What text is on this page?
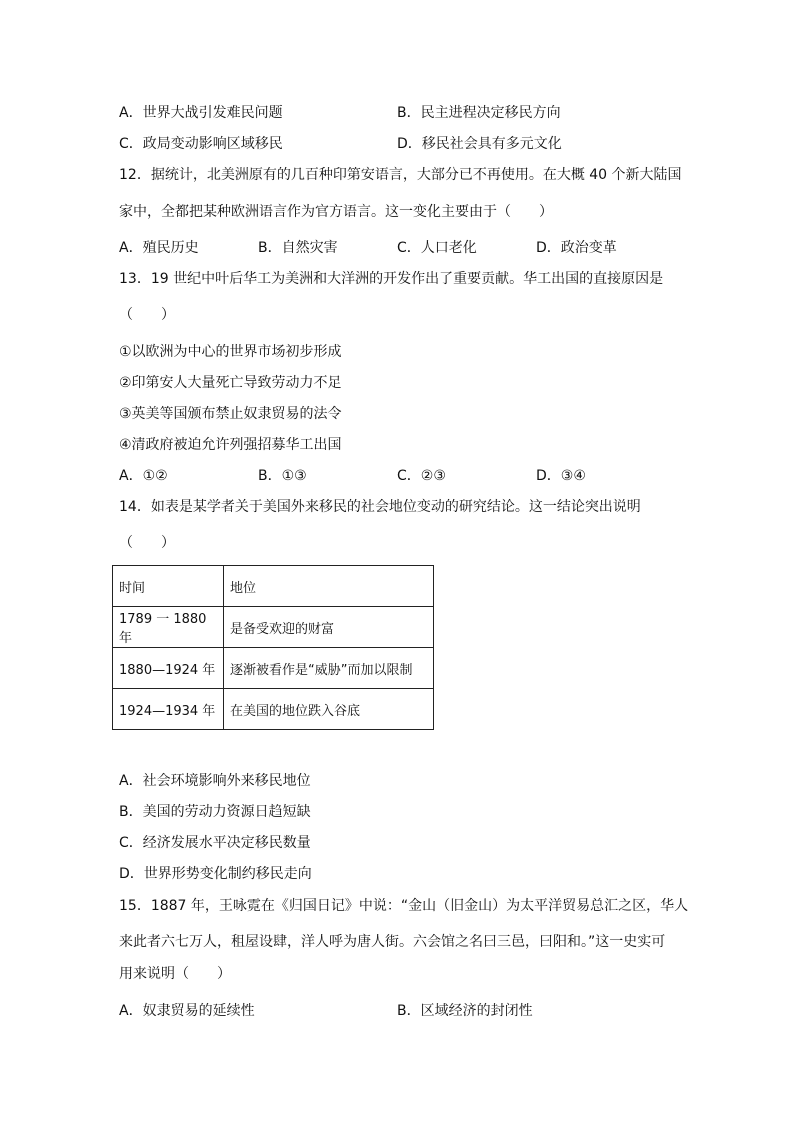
A．世界大战引发难民问题	B．民主进程决定移民方向
C．政局变动影响区域移民	D．移民社会具有多元文化
12．据统计，北美洲原有的几百种印第安语言，大部分已不再使用。在大概 40 个新大陆国
家中，全都把某种欧洲语言作为官方语言。这一变化主要由于（　　）
A．殖民历史	B．自然灾害	C．人口老化	D．政治变革
13．19 世纪中叶后华工为美洲和大洋洲的开发作出了重要贡献。华工出国的直接原因是
（　　）
①以欧洲为中心的世界市场初步形成
②印第安人大量死亡导致劳动力不足
③英美等国颁布禁止奴隶贸易的法令
④清政府被迫允许列强招募华工出国
A．①②	B．①③	C．②③	D．③④
14．如表是某学者关于美国外来移民的社会地位变动的研究结论。这一结论突出说明
（　　）
时间	地位
1789 一 1880 年	是备受欢迎的财富
1880—1924 年	逐渐被看作是“威胁”而加以限制
1924—1934 年	在美国的地位跌入谷底
A．社会环境影响外来移民地位
B．美国的劳动力资源日趋短缺
C．经济发展水平决定移民数量
D．世界形势变化制约移民走向
15．1887 年，王咏霓在《归国日记》中说：“金山（旧金山）为太平洋贸易总汇之区，华人
来此者六七万人，租屋设肆，洋人呼为唐人街。六会馆之名曰三邑，曰阳和。”这一史实可
用来说明（　　）
A．奴隶贸易的延续性	B．区域经济的封闭性
